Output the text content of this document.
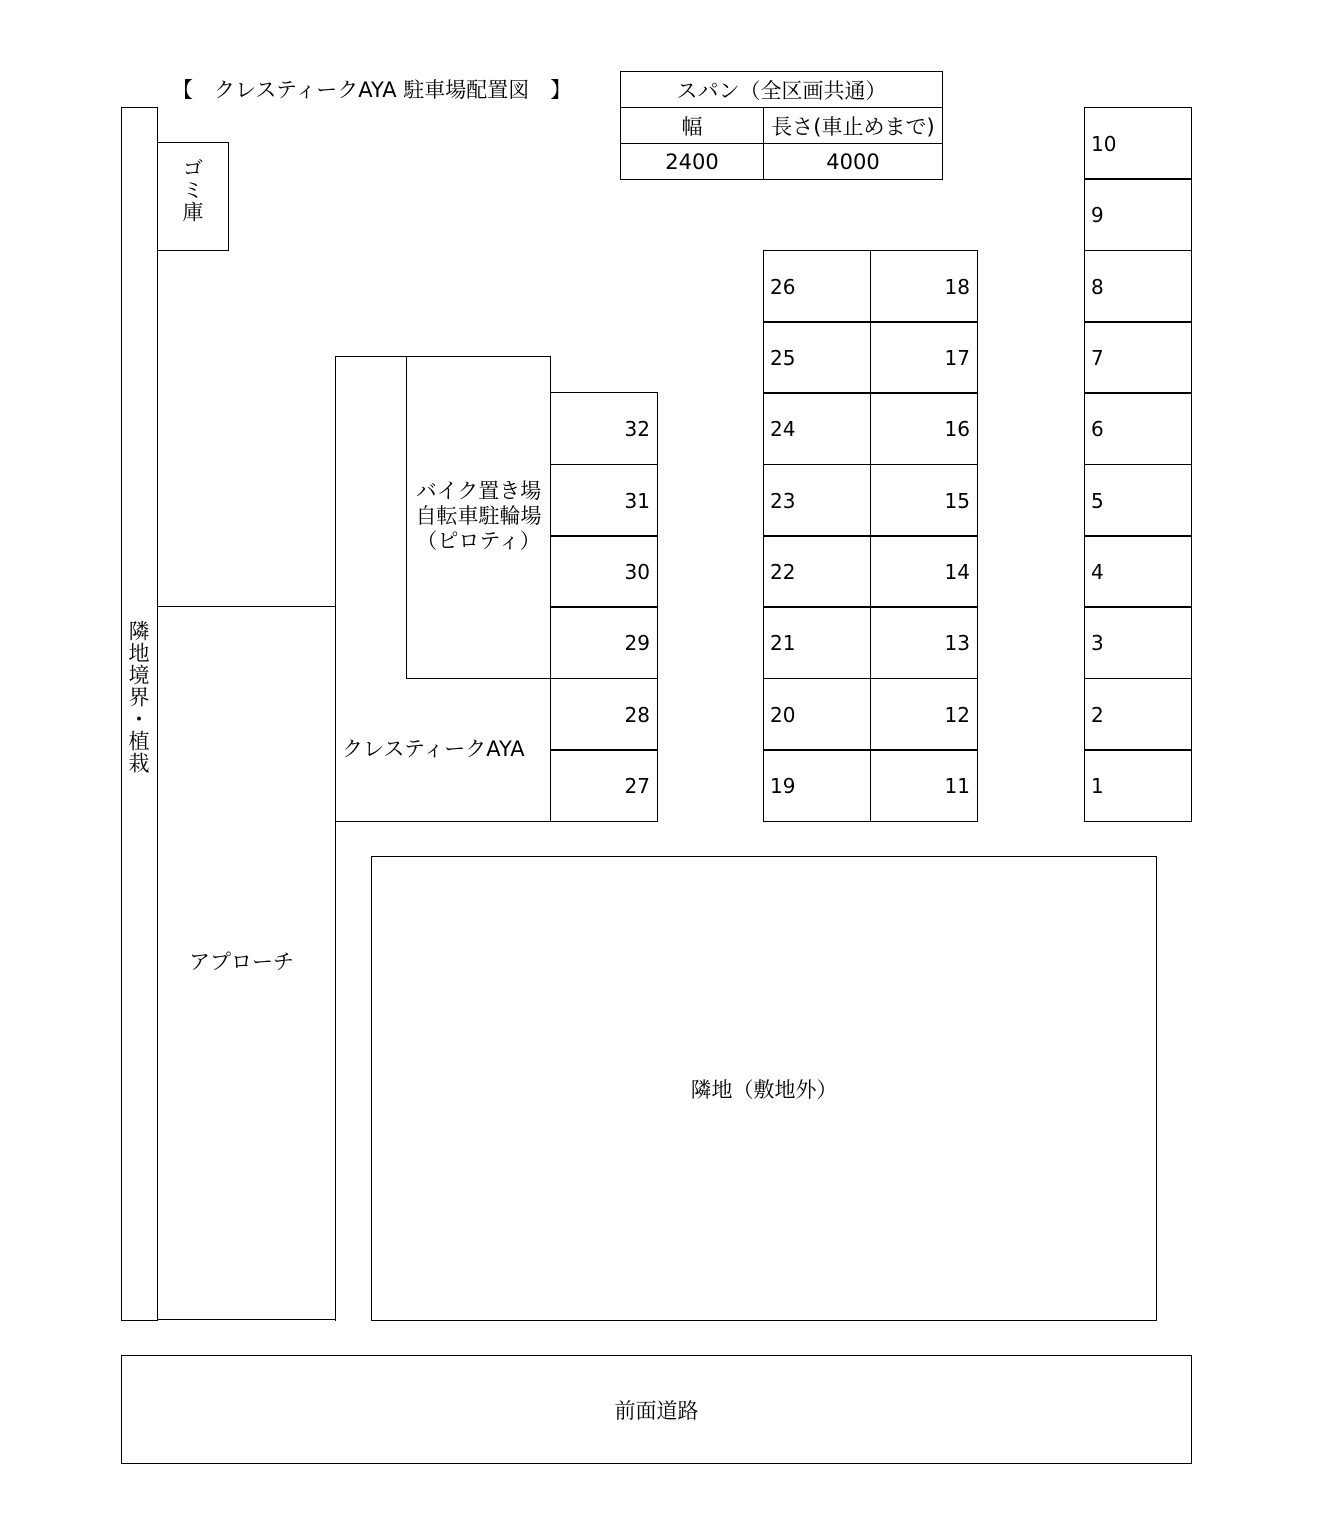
【　クレスティークAYA 駐車場配置図　】	スパン（全区画共通）	
幅	長さ(車止めまで)
2400	4000
隣地境界・植栽
ゴミ庫
アプローチ
バイク置き場
自転車駐輪場
（ピロティ）
クレスティークAYA
32
31
30
29
28
27
26
25
24
23
22
21
20
19
18
17
16
15
14
13
12
11
10
9
8
7
6
5
4
3
2
1
隣地（敷地外）
前面道路
